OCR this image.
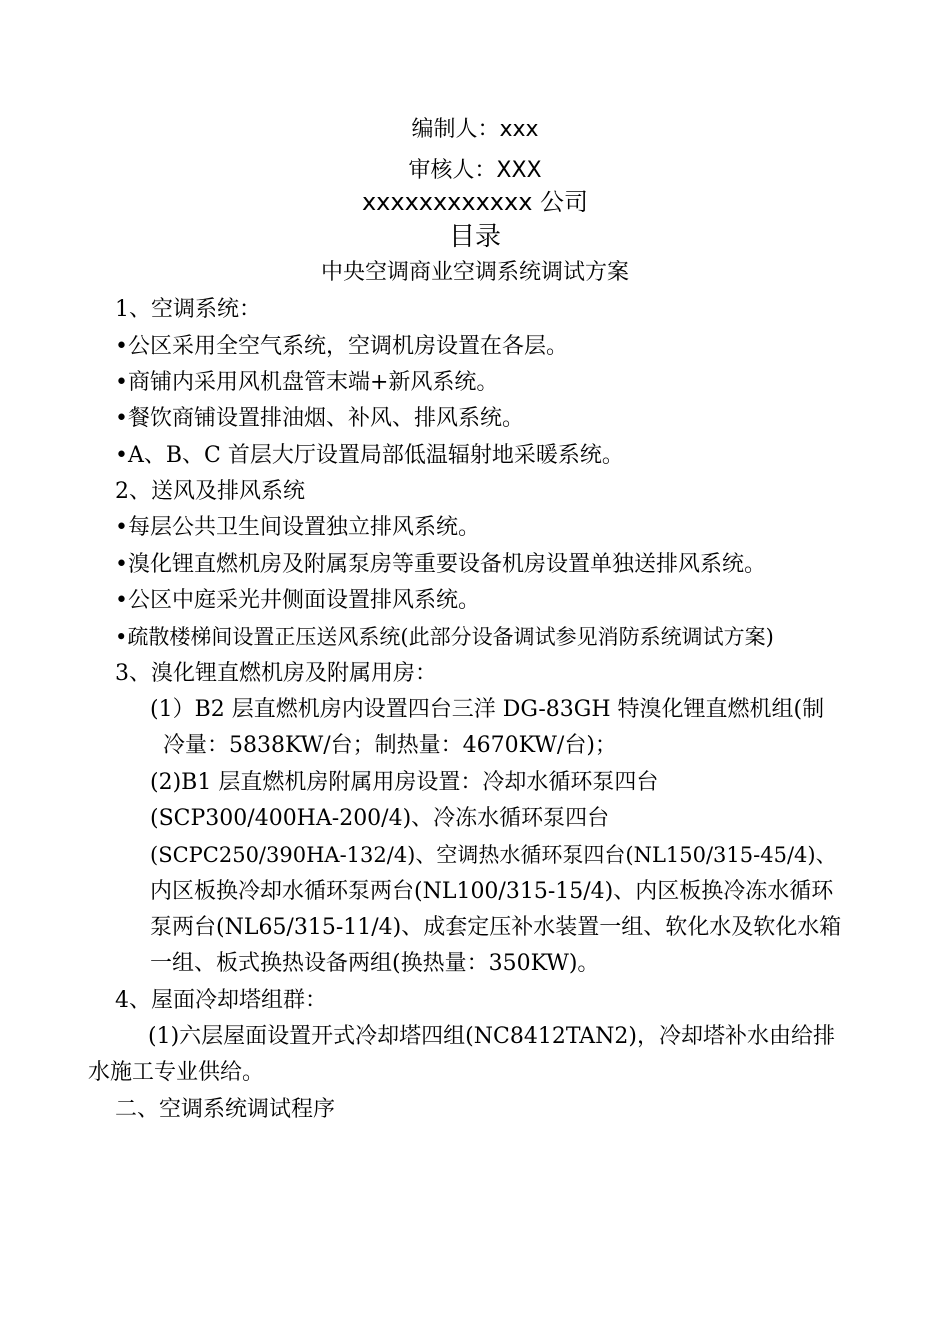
编制人：xxx

审核人：XXX

xxxxxxxxxxxx 公司

目录

中央空调商业空调系统调试方案

1、空调系统：

•公区采用全空气系统，空调机房设置在各层。

•商铺内采用风机盘管末端+新风系统。

•餐饮商铺设置排油烟、补风、排风系统。

•A、B、C 首层大厅设置局部低温辐射地采暖系统。

2、送风及排风系统

•每层公共卫生间设置独立排风系统。

•溴化锂直燃机房及附属泵房等重要设备机房设置单独送排风系统。

•公区中庭采光井侧面设置排风系统。

•疏散楼梯间设置正压送风系统(此部分设备调试参见消防系统调试方案)

3、溴化锂直燃机房及附属用房：

(1）B2 层直燃机房内设置四台三洋 DG-83GH 特溴化锂直燃机组(制

冷量：5838KW/台；制热量：4670KW/台)；

(2)B1 层直燃机房附属用房设置：冷却水循环泵四台

(SCP300/400HA-200/4)、冷冻水循环泵四台

(SCPC250/390HA-132/4)、空调热水循环泵四台(NL150/315-45/4)、

内区板换冷却水循环泵两台(NL100/315-15/4)、内区板换冷冻水循环

泵两台(NL65/315-11/4)、成套定压补水装置一组、软化水及软化水箱

一组、板式换热设备两组(换热量：350KW)。

4、屋面冷却塔组群：

(1)六层屋面设置开式冷却塔四组(NC8412TAN2)，冷却塔补水由给排

水施工专业供给。

二、空调系统调试程序
